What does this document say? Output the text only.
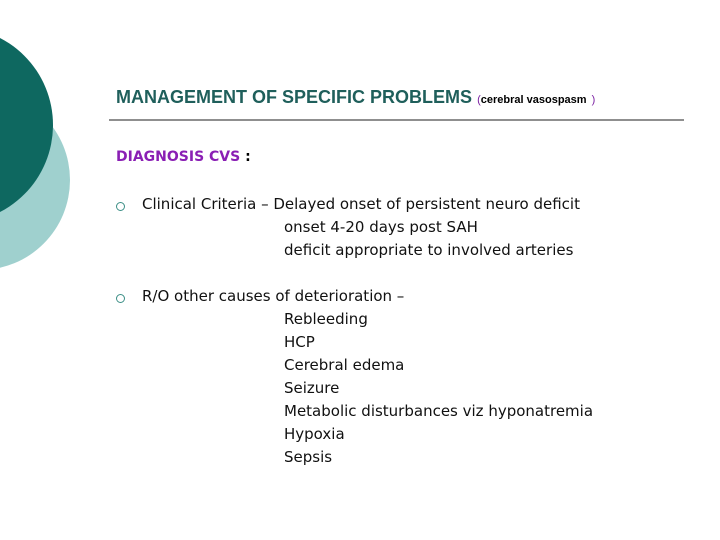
MANAGEMENT OF SPECIFIC PROBLEMS (cerebral vasospasm )
DIAGNOSIS CVS :
Clinical Criteria – Delayed onset of persistent neuro deficit
onset 4-20 days post SAH
deficit appropriate to involved arteries
R/O other causes of deterioration –
Rebleeding
HCP
Cerebral edema
Seizure
Metabolic disturbances viz hyponatremia
Hypoxia
Sepsis
